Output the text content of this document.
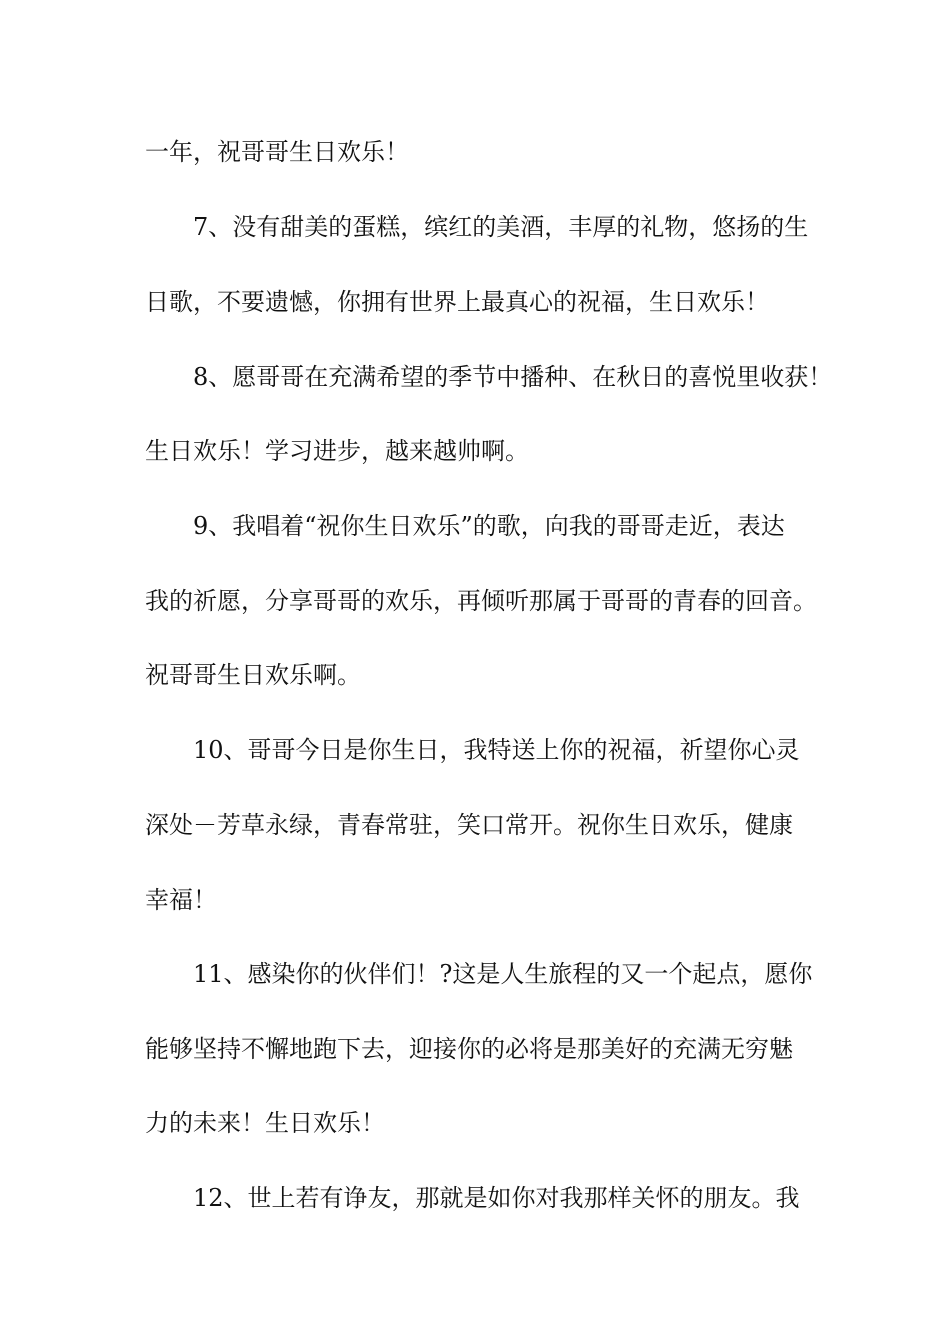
一年，祝哥哥生日欢乐！
7、没有甜美的蛋糕，缤红的美酒，丰厚的礼物，悠扬的生
日歌，不要遗憾，你拥有世界上最真心的祝福，生日欢乐！
8、愿哥哥在充满希望的季节中播种、在秋日的喜悦里收获！
生日欢乐！学习进步，越来越帅啊。
9、我唱着“祝你生日欢乐”的歌，向我的哥哥走近，表达
我的祈愿，分享哥哥的欢乐，再倾听那属于哥哥的青春的回音。
祝哥哥生日欢乐啊。
10、哥哥今日是你生日，我特送上你的祝福，祈望你心灵
深处－芳草永绿，青春常驻，笑口常开。祝你生日欢乐，健康
幸福！
11、感染你的伙伴们！?这是人生旅程的又一个起点，愿你
能够坚持不懈地跑下去，迎接你的必将是那美好的充满无穷魅
力的未来！生日欢乐！
12、世上若有诤友，那就是如你对我那样关怀的朋友。我
